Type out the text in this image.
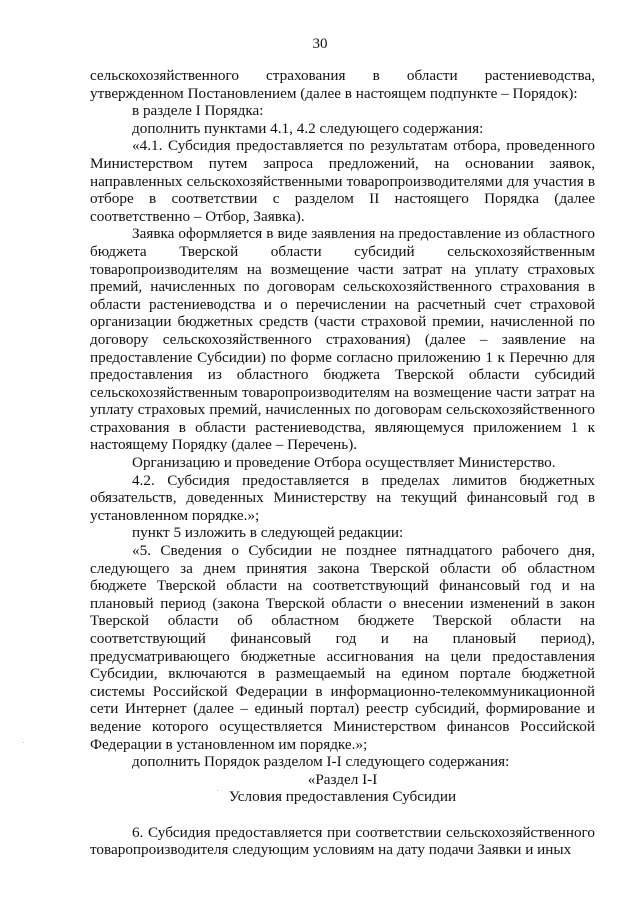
30

сельскохозяйственного страхования в области растениеводства, утвержденном Постановлением (далее в настоящем подпункте – Порядок):

в разделе I Порядка:

дополнить пунктами 4.1, 4.2 следующего содержания:

«4.1. Субсидия предоставляется по результатам отбора, проведенного Министерством путем запроса предложений, на основании заявок, направленных сельскохозяйственными товаропроизводителями для участия в отборе в соответствии с разделом II настоящего Порядка (далее соответственно – Отбор, Заявка).

Заявка оформляется в виде заявления на предоставление из областного бюджета Тверской области субсидий сельскохозяйственным товаропроизводителям на возмещение части затрат на уплату страховых премий, начисленных по договорам сельскохозяйственного страхования в области растениеводства и о перечислении на расчетный счет страховой организации бюджетных средств (части страховой премии, начисленной по договору сельскохозяйственного страхования) (далее – заявление на предоставление Субсидии) по форме согласно приложению 1 к Перечню для предоставления из областного бюджета Тверской области субсидий сельскохозяйственным товаропроизводителям на возмещение части затрат на уплату страховых премий, начисленных по договорам сельскохозяйственного страхования в области растениеводства, являющемуся приложением 1 к настоящему Порядку (далее – Перечень).

Организацию и проведение Отбора осуществляет Министерство.

4.2. Субсидия предоставляется в пределах лимитов бюджетных обязательств, доведенных Министерству на текущий финансовый год в установленном порядке.»;

пункт 5 изложить в следующей редакции:

«5. Сведения о Субсидии не позднее пятнадцатого рабочего дня, следующего за днем принятия закона Тверской области об областном бюджете Тверской области на соответствующий финансовый год и на плановый период (закона Тверской области о внесении изменений в закон Тверской области об областном бюджете Тверской области на соответствующий финансовый год и на плановый период), предусматривающего бюджетные ассигнования на цели предоставления Субсидии, включаются в размещаемый на едином портале бюджетной системы Российской Федерации в информационно-телекоммуникационной сети Интернет (далее – единый портал) реестр субсидий, формирование и ведение которого осуществляется Министерством финансов Российской Федерации в установленном им порядке.»;

дополнить Порядок разделом I-I следующего содержания:

«Раздел I-I

Условия предоставления Субсидии

6. Субсидия предоставляется при соответствии сельскохозяйственного товаропроизводителя следующим условиям на дату подачи Заявки и иных

·
·
